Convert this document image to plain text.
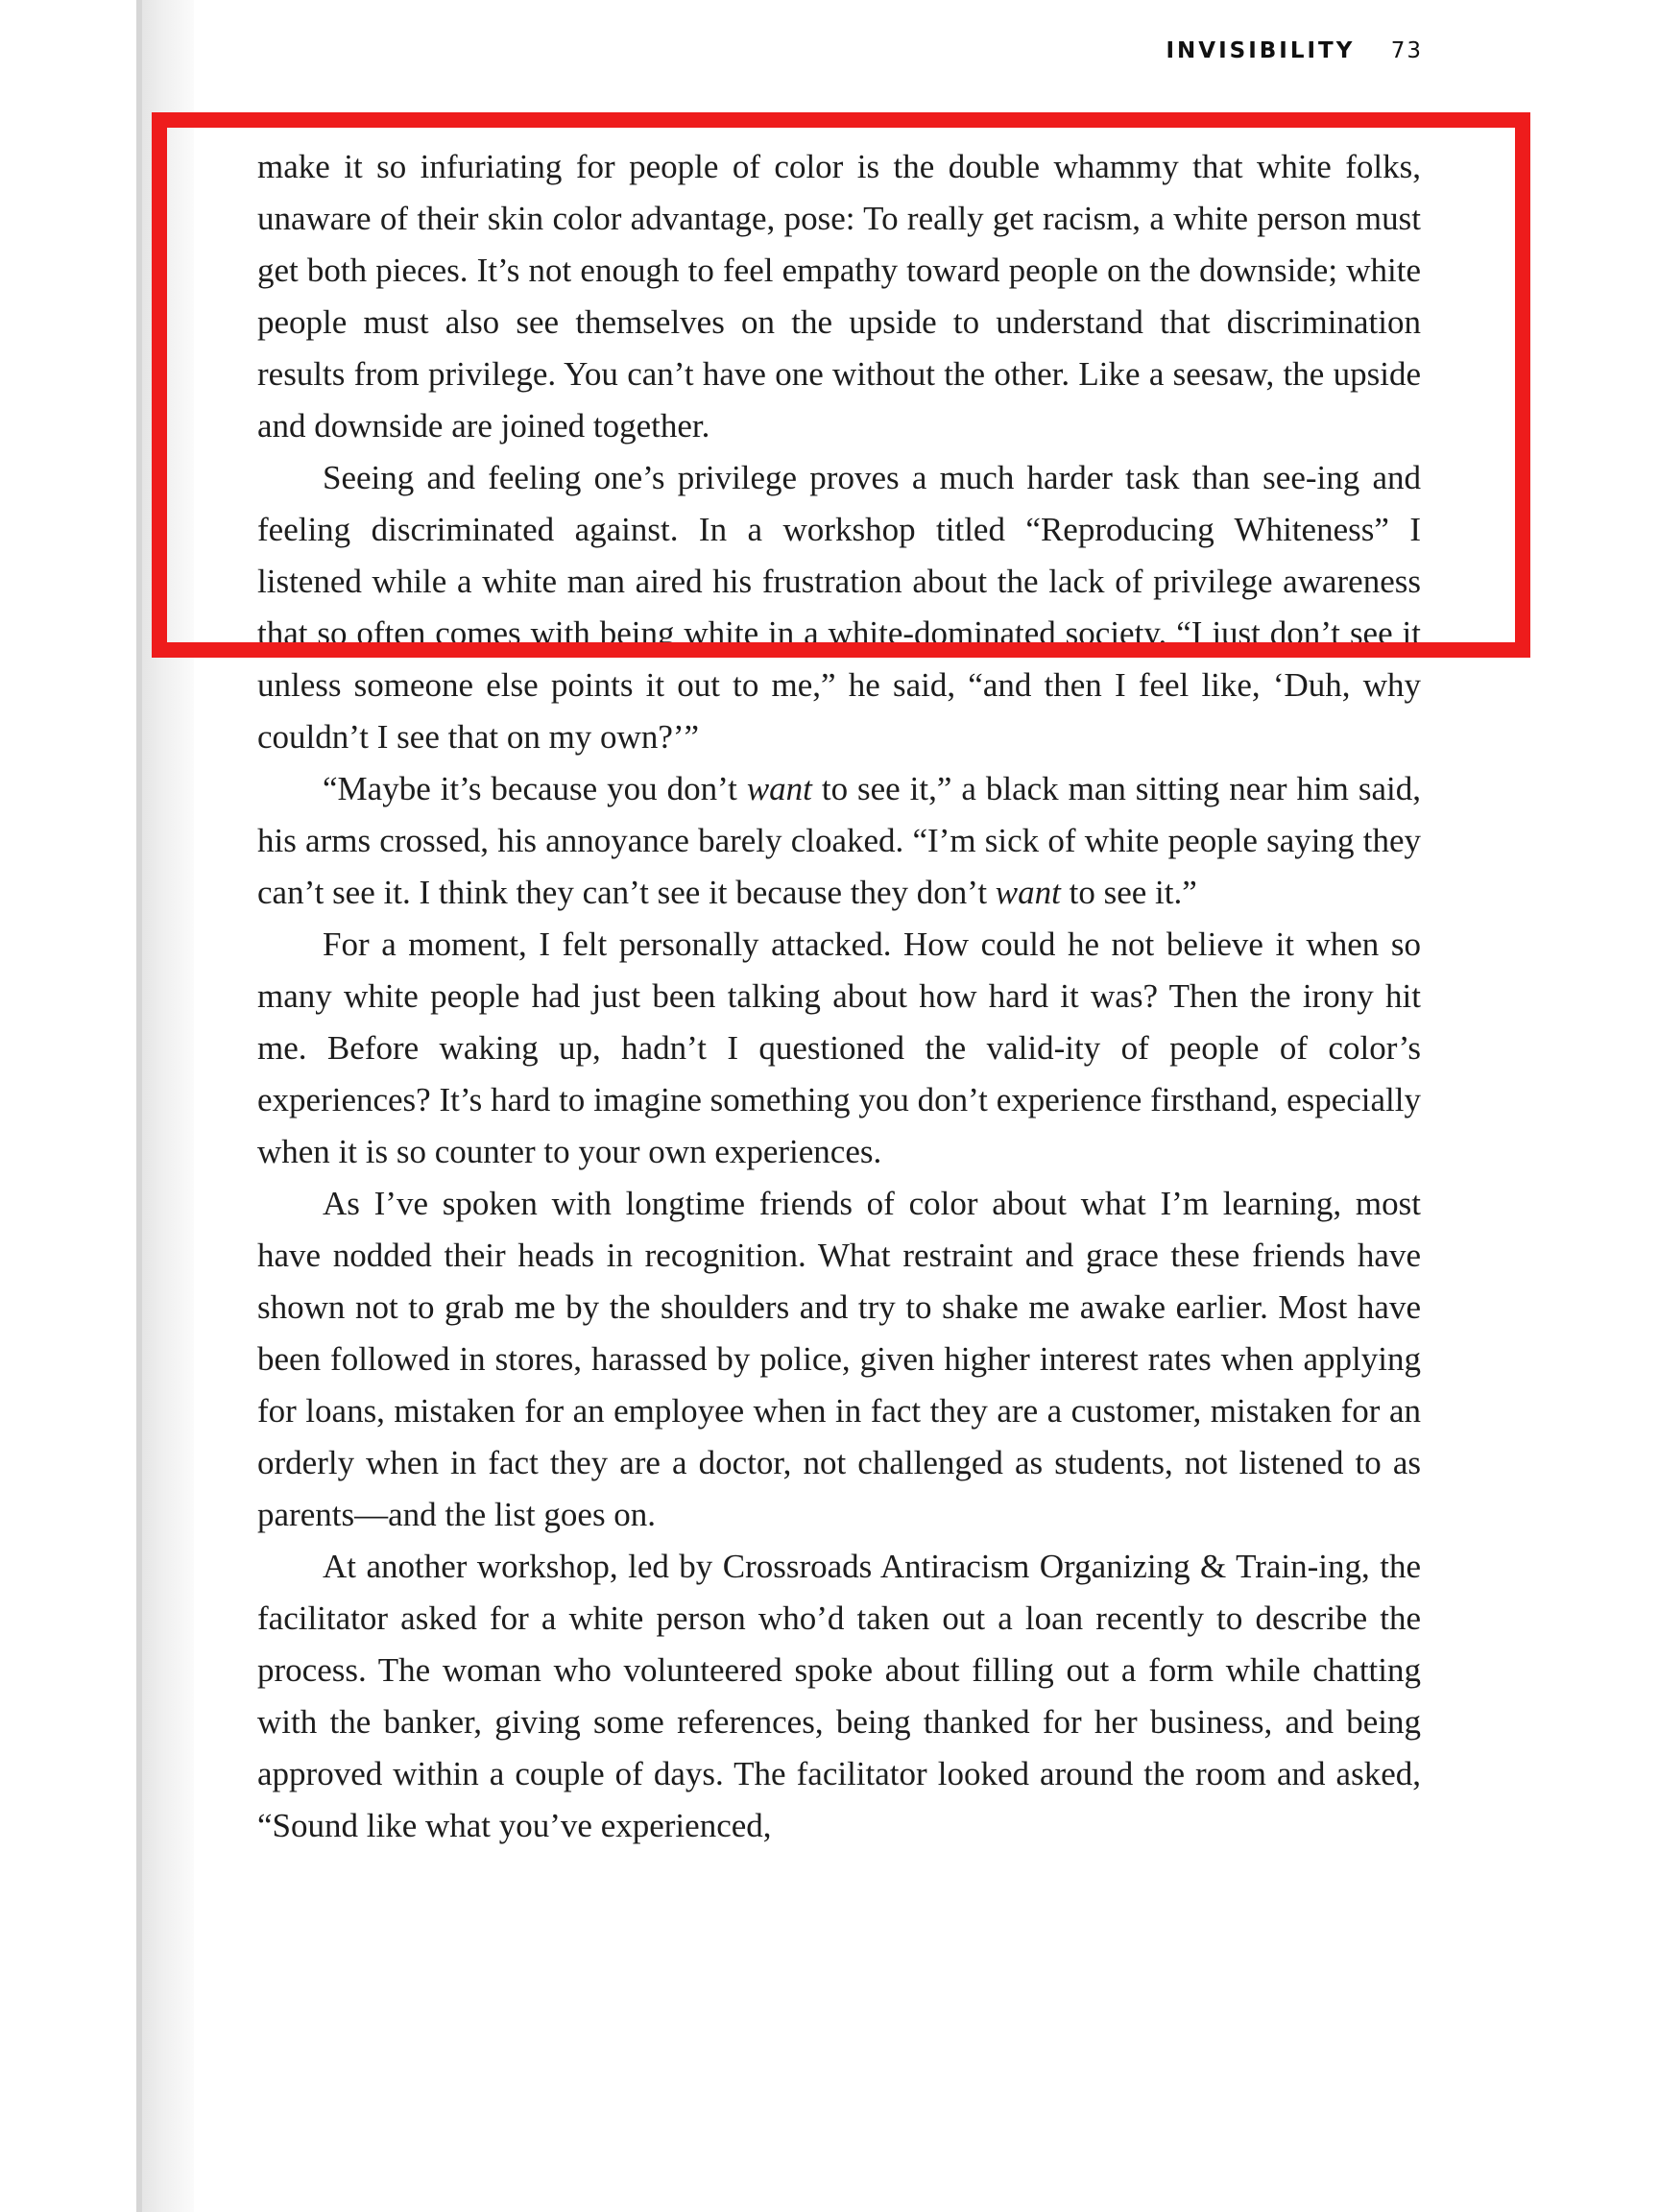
INVISIBILITY 73

make it so infuriating for people of color is the double whammy that white folks, unaware of their skin color advantage, pose: To really get racism, a white person must get both pieces. It’s not enough to feel empathy toward people on the downside; white people must also see themselves on the upside to understand that discrimination results from privilege. You can’t have one without the other. Like a seesaw, the upside and downside are joined together.

Seeing and feeling one’s privilege proves a much harder task than see-ing and feeling discriminated against. In a workshop titled “Reproducing Whiteness” I listened while a white man aired his frustration about the lack of privilege awareness that so often comes with being white in a white-dominated society. “I just don’t see it unless someone else points it out to me,” he said, “and then I feel like, ‘Duh, why couldn’t I see that on my own?’”

“Maybe it’s because you don’t want to see it,” a black man sitting near him said, his arms crossed, his annoyance barely cloaked. “I’m sick of white people saying they can’t see it. I think they can’t see it because they don’t want to see it.”

For a moment, I felt personally attacked. How could he not believe it when so many white people had just been talking about how hard it was? Then the irony hit me. Before waking up, hadn’t I questioned the valid-ity of people of color’s experiences? It’s hard to imagine something you don’t experience firsthand, especially when it is so counter to your own experiences.

As I’ve spoken with longtime friends of color about what I’m learning, most have nodded their heads in recognition. What restraint and grace these friends have shown not to grab me by the shoulders and try to shake me awake earlier. Most have been followed in stores, harassed by police, given higher interest rates when applying for loans, mistaken for an employee when in fact they are a customer, mistaken for an orderly when in fact they are a doctor, not challenged as students, not listened to as parents—and the list goes on.

At another workshop, led by Crossroads Antiracism Organizing & Train-ing, the facilitator asked for a white person who’d taken out a loan recently to describe the process. The woman who volunteered spoke about filling out a form while chatting with the banker, giving some references, being thanked for her business, and being approved within a couple of days. The facilitator looked around the room and asked, “Sound like what you’ve experienced,
